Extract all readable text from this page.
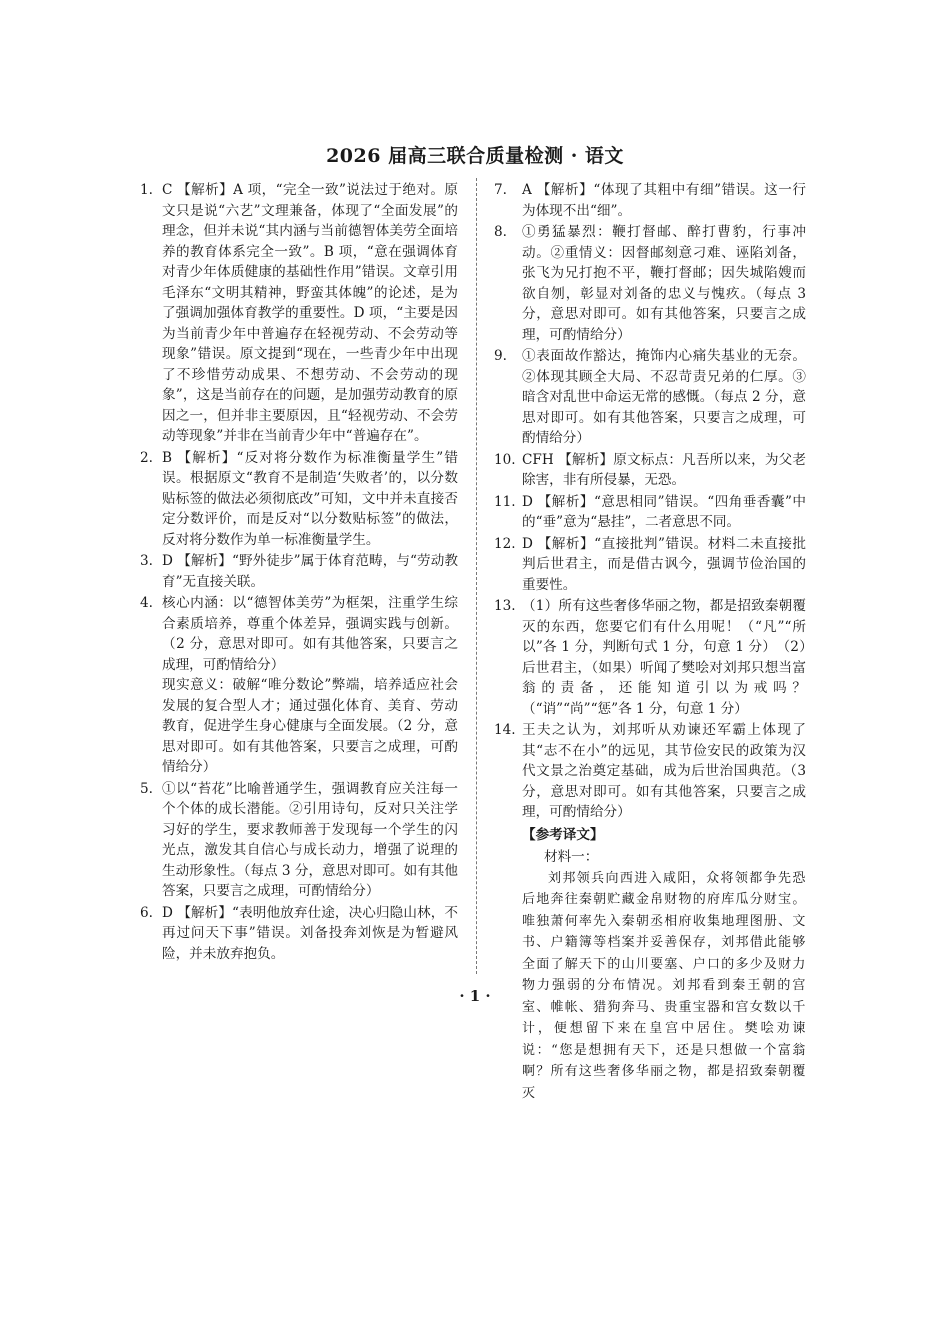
2026 届高三联合质量检测 · 语文
1. C 【解析】A 项，“完全一致”说法过于绝对。原文只是说“六艺”文理兼备，体现了“全面发展”的理念，但并未说“其内涵与当前德智体美劳全面培养的教育体系完全一致”。B 项，“意在强调体育对青少年体质健康的基础性作用”错误。文章引用毛泽东“文明其精神，野蛮其体魄”的论述，是为了强调加强体育教学的重要性。D 项，“主要是因为当前青少年中普遍存在轻视劳动、不会劳动等现象”错误。原文提到“现在，一些青少年中出现了不珍惜劳动成果、不想劳动、不会劳动的现象”，这是当前存在的问题，是加强劳动教育的原因之一，但并非主要原因，且“轻视劳动、不会劳动等现象”并非在当前青少年中“普遍存在”。
2. B 【解析】“反对将分数作为标准衡量学生”错误。根据原文“教育不是制造‘失败者’的，以分数贴标签的做法必须彻底改”可知，文中并未直接否定分数评价，而是反对“以分数贴标签”的做法，反对将分数作为单一标准衡量学生。
3. D 【解析】“野外徒步”属于体育范畴，与“劳动教育”无直接关联。
4. 核心内涵：以“德智体美劳”为框架，注重学生综合素质培养，尊重个体差异，强调实践与创新。（2 分，意思对即可。如有其他答案，只要言之成理，可酌情给分）
现实意义：破解“唯分数论”弊端，培养适应社会发展的复合型人才；通过强化体育、美育、劳动教育，促进学生身心健康与全面发展。（2 分，意思对即可。如有其他答案，只要言之成理，可酌情给分）
5. ①以“苔花”比喻普通学生，强调教育应关注每一个个体的成长潜能。②引用诗句，反对只关注学习好的学生，要求教师善于发现每一个学生的闪光点，激发其自信心与成长动力，增强了说理的生动形象性。（每点 3 分，意思对即可。如有其他答案，只要言之成理，可酌情给分）
6. D 【解析】“表明他放弃仕途，决心归隐山林，不再过问天下事”错误。刘备投奔刘恢是为暂避风险，并未放弃抱负。
7. A 【解析】“体现了其粗中有细”错误。这一行为体现不出“细”。
8. ①勇猛暴烈：鞭打督邮、醉打曹豹，行事冲动。②重情义：因督邮刻意刁难、诬陷刘备，张飞为兄打抱不平，鞭打督邮；因失城陷嫂而欲自刎，彰显对刘备的忠义与愧疚。（每点 3 分，意思对即可。如有其他答案，只要言之成理，可酌情给分）
9. ①表面故作豁达，掩饰内心痛失基业的无奈。②体现其顾全大局、不忍苛责兄弟的仁厚。③暗含对乱世中命运无常的感慨。（每点 2 分，意思对即可。如有其他答案，只要言之成理，可酌情给分）
10. CFH 【解析】原文标点：凡吾所以来，为父老除害，非有所侵暴，无恐。
11. D 【解析】“意思相同”错误。“四角垂香囊”中的“垂”意为“悬挂”，二者意思不同。
12. D 【解析】“直接批判”错误。材料二未直接批判后世君主，而是借古讽今，强调节俭治国的重要性。
13. （1）所有这些奢侈华丽之物，都是招致秦朝覆灭的东西，您要它们有什么用呢！（“凡”“所以”各 1 分，判断句式 1 分，句意 1 分）　（2）后世君主，（如果）听闻了樊哙对刘邦只想当富翁的责备，还能知道引以为戒吗？（“诮”“尚”“惩”各 1 分，句意 1 分）
14. 王夫之认为，刘邦听从劝谏还军霸上体现了其“志不在小”的远见，其节俭安民的政策为汉代文景之治奠定基础，成为后世治国典范。（3 分，意思对即可。如有其他答案，只要言之成理，可酌情给分）
【参考译文】
材料一：
刘邦领兵向西进入咸阳，众将领都争先恐后地奔往秦朝贮藏金帛财物的府库瓜分财宝。唯独萧何率先入秦朝丞相府收集地理图册、文书、户籍簿等档案并妥善保存，刘邦借此能够全面了解天下的山川要塞、户口的多少及财力物力强弱的分布情况。刘邦看到秦王朝的宫室、帷帐、猎狗奔马、贵重宝器和宫女数以千计，便想留下来在皇宫中居住。樊哙劝谏说：“您是想拥有天下，还是只想做一个富翁啊？所有这些奢侈华丽之物，都是招致秦朝覆灭
· 1 ·
